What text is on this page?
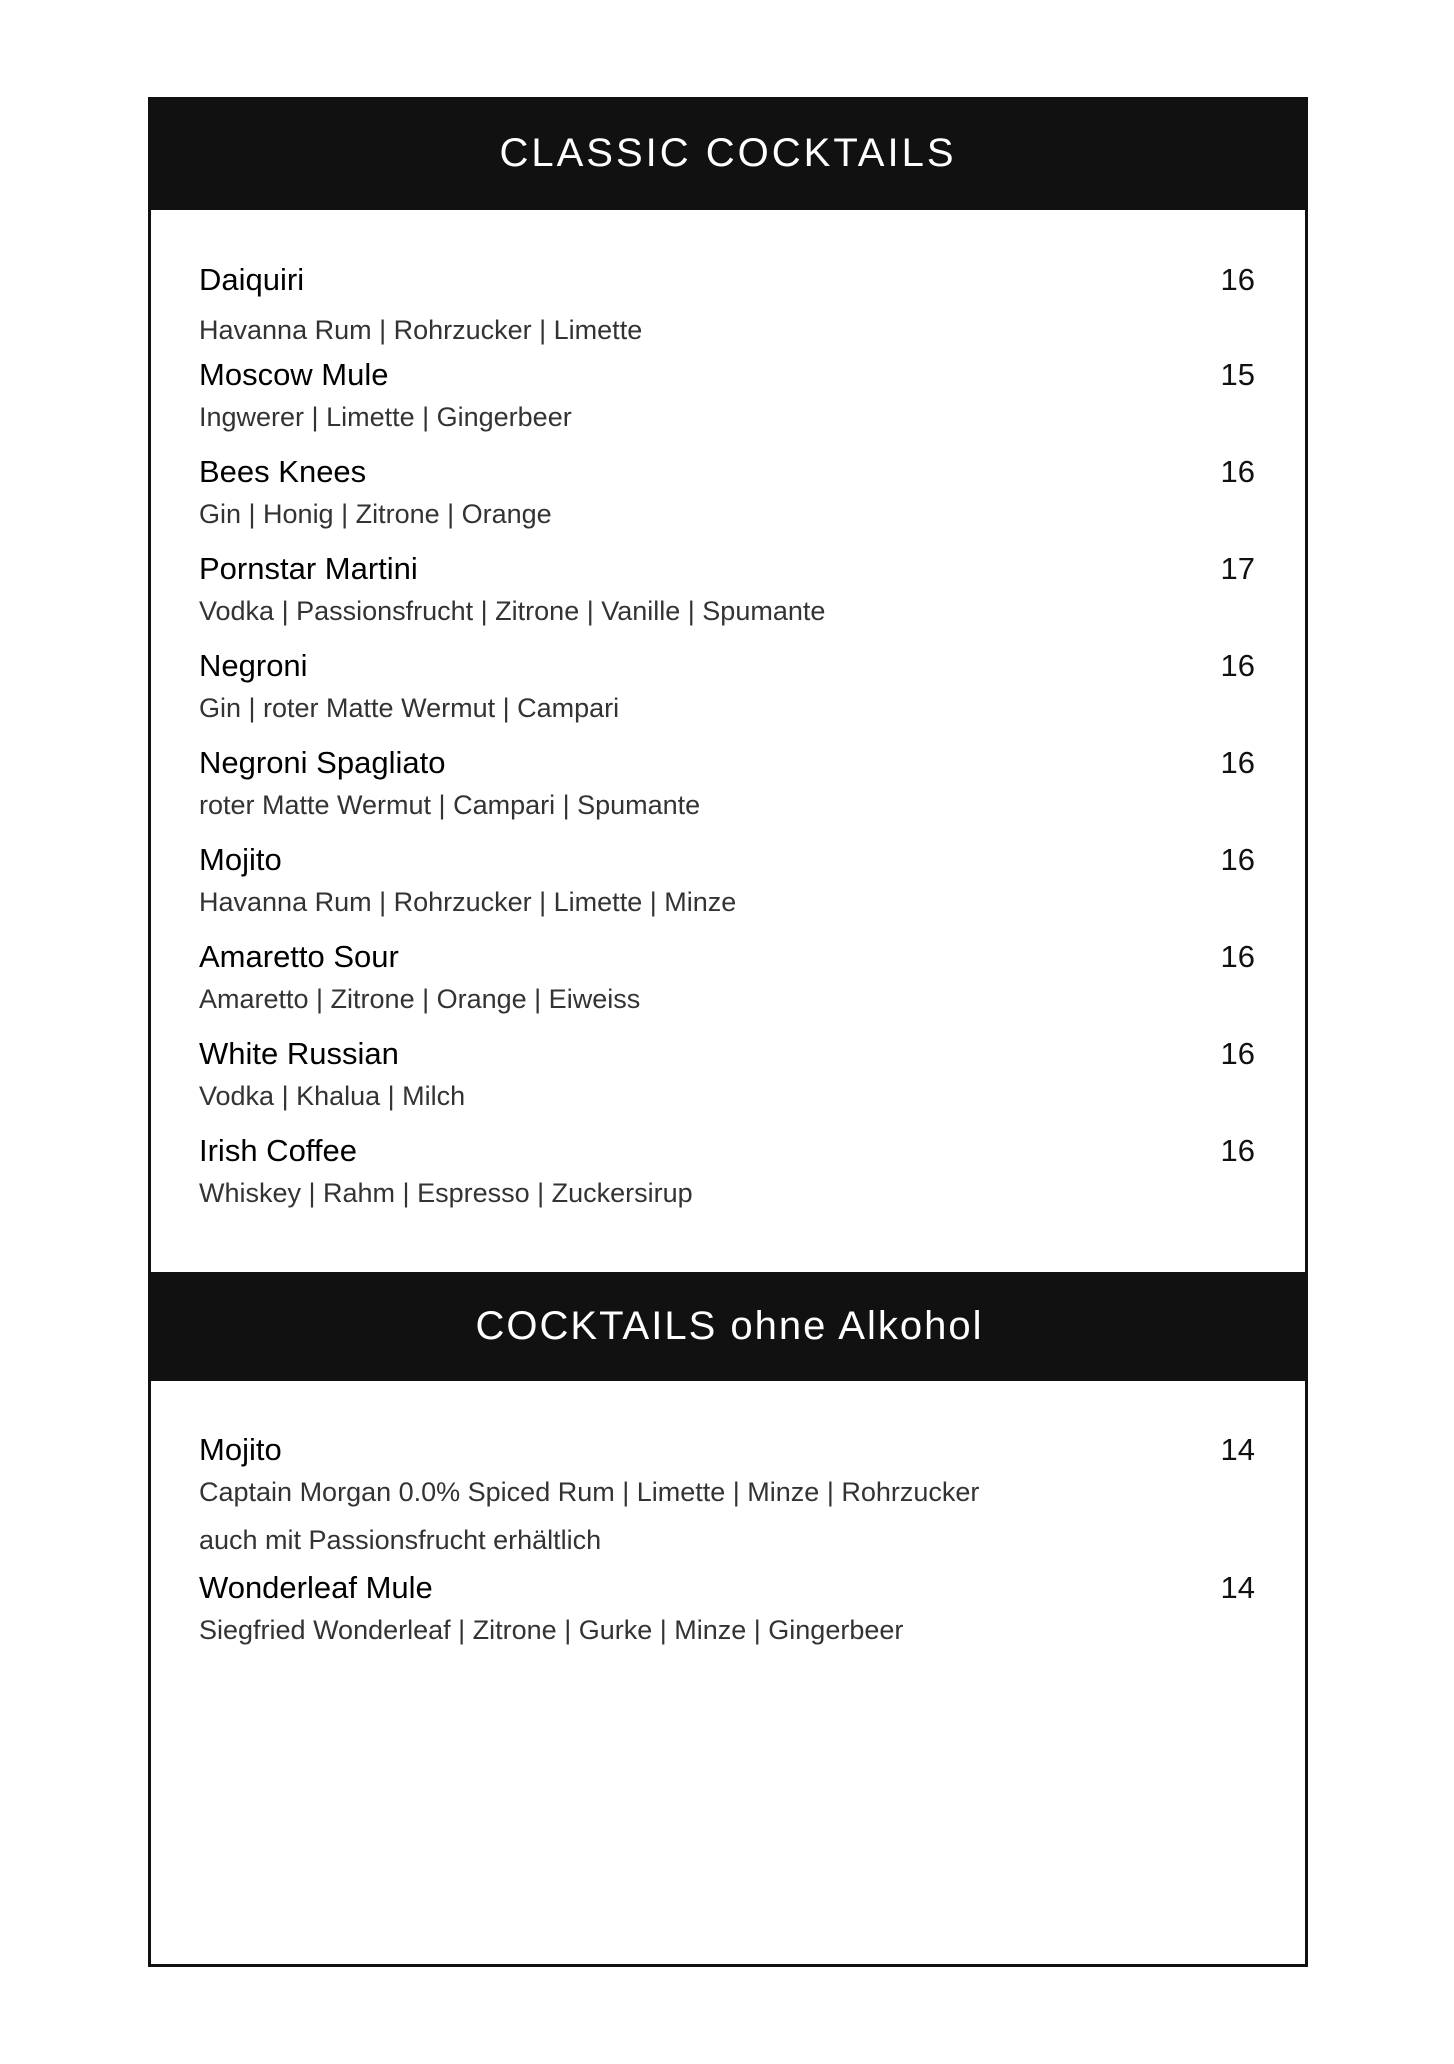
CLASSIC COCKTAILS
Daiquiri	16
Havanna Rum | Rohrzucker | Limette
Moscow Mule	15
Ingwerer | Limette | Gingerbeer
Bees Knees	16
Gin | Honig | Zitrone | Orange
Pornstar Martini	17
Vodka | Passionsfrucht | Zitrone | Vanille | Spumante
Negroni	16
Gin | roter Matte Wermut | Campari
Negroni Spagliato	16
roter Matte Wermut | Campari | Spumante
Mojito	16
Havanna Rum | Rohrzucker | Limette | Minze
Amaretto Sour	16
Amaretto | Zitrone | Orange | Eiweiss
White Russian	16
Vodka | Khalua | Milch
Irish Coffee	16
Whiskey | Rahm | Espresso | Zuckersirup
COCKTAILS ohne Alkohol
Mojito	14
Captain Morgan 0.0% Spiced Rum | Limette | Minze | Rohrzucker
auch mit Passionsfrucht erhältlich
Wonderleaf Mule	14
Siegfried Wonderleaf | Zitrone | Gurke | Minze | Gingerbeer
